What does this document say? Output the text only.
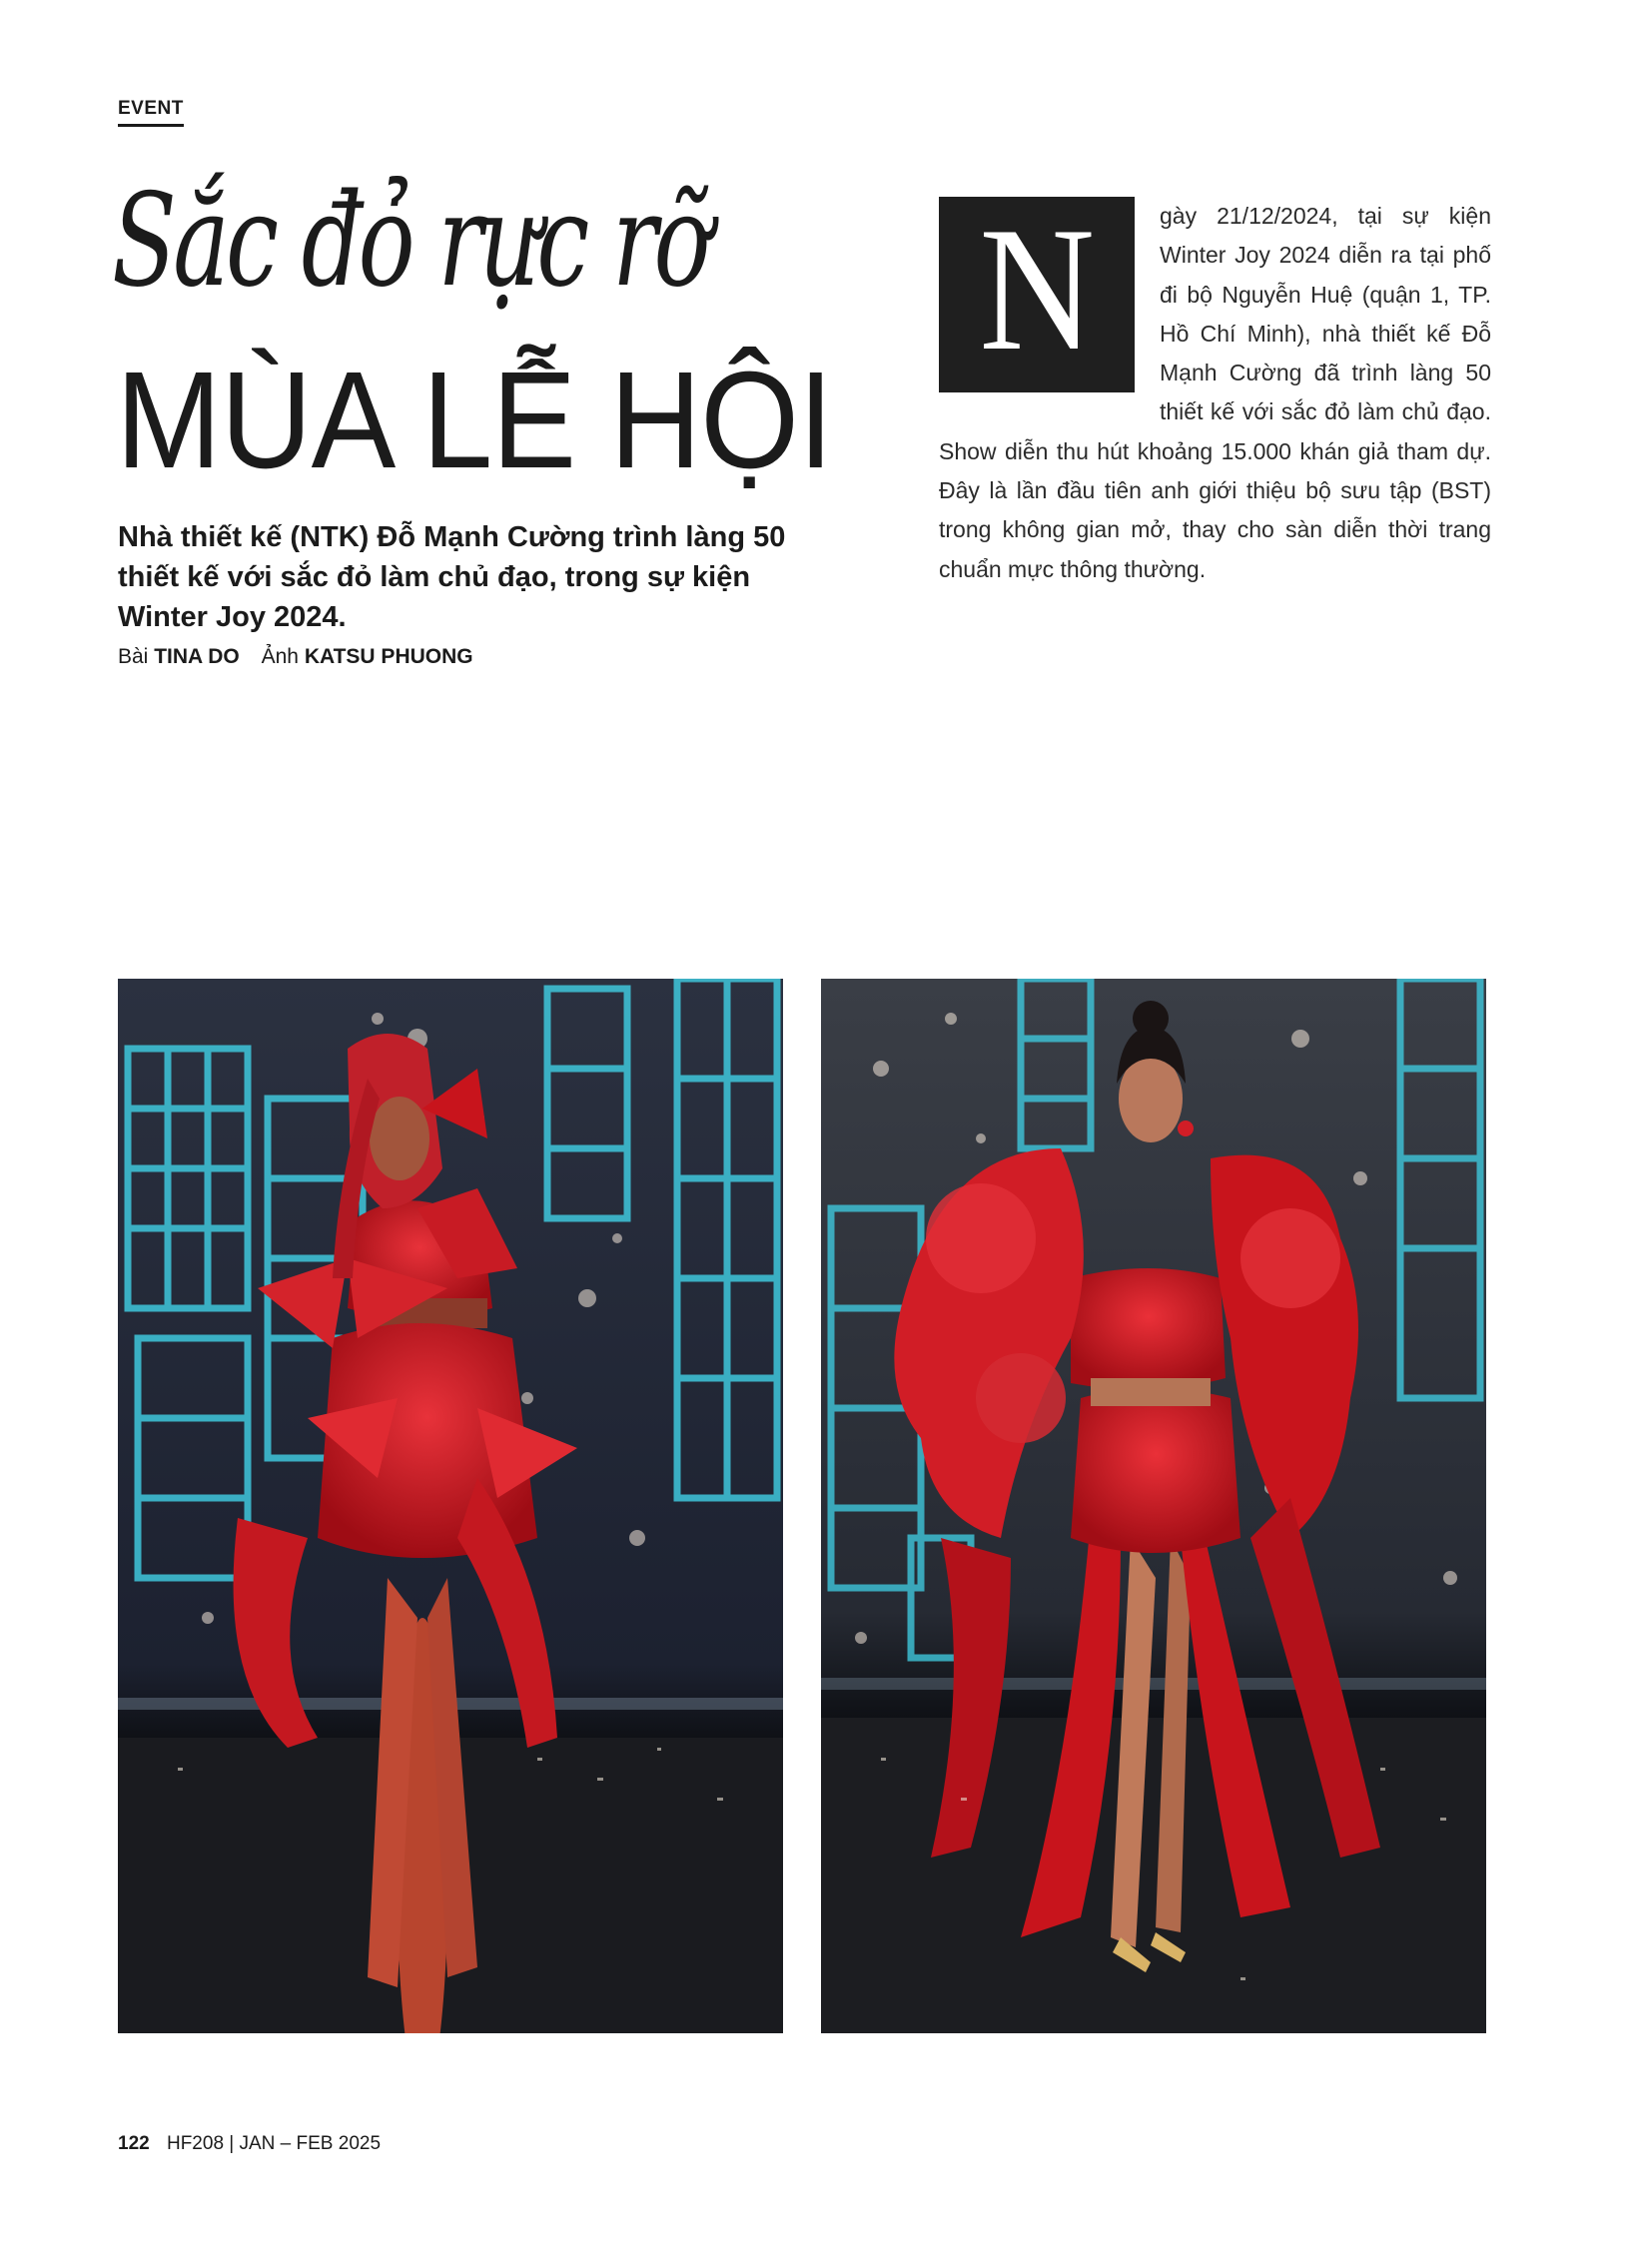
EVENT
Sắc đỏ rực rỡ
MÙA LỄ HỘI
Nhà thiết kế (NTK) Đỗ Mạnh Cường trình làng 50 thiết kế với sắc đỏ làm chủ đạo, trong sự kiện Winter Joy 2024.
Bài TINA DO Ảnh KATSU PHUONG
N	gày 21/12/2024, tại sự kiện Winter Joy 2024 diễn ra tại phố đi bộ Nguyễn Huệ (quận 1, TP. Hồ Chí Minh), nhà thiết kế Đỗ Mạnh Cường đã trình làng 50 thiết kế với sắc đỏ làm chủ đạo. Show diễn thu hút khoảng 15.000 khán giả tham dự. Đây là lần đầu tiên anh giới thiệu bộ sưu tập (BST) trong không gian mở, thay cho sàn diễn thời trang chuẩn mực thông thường.
122 HF208 | JAN – FEB 2025
